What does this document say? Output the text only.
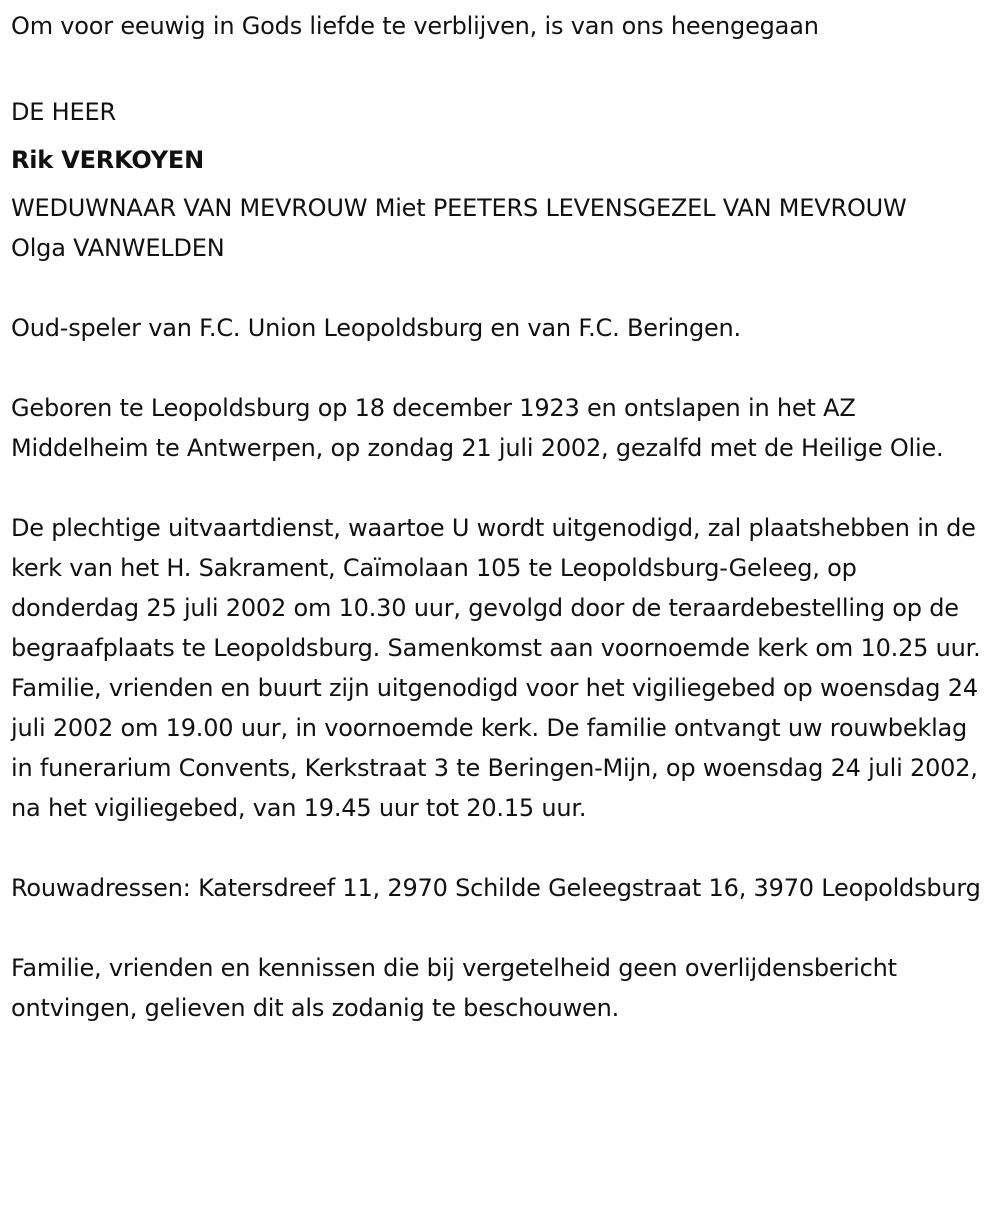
Om voor eeuwig in Gods liefde te verblijven, is van ons heengegaan

DE HEER

Rik VERKOYEN

WEDUWNAAR VAN MEVROUW Miet PEETERS LEVENSGEZEL VAN MEVROUW

Olga VANWELDEN

Oud-speler van F.C. Union Leopoldsburg en van F.C. Beringen.

Geboren te Leopoldsburg op 18 december 1923 en ontslapen in het AZ Middelheim te Antwerpen, op zondag 21 juli 2002, gezalfd met de Heilige Olie.

De plechtige uitvaartdienst, waartoe U wordt uitgenodigd, zal plaatshebben in de kerk van het H. Sakrament, Caïmolaan 105 te Leopoldsburg-Geleeg, op donderdag 25 juli 2002 om 10.30 uur, gevolgd door de teraardebestelling op de begraafplaats te Leopoldsburg. Samenkomst aan voornoemde kerk om 10.25 uur. Familie, vrienden en buurt zijn uitgenodigd voor het vigiliegebed op woensdag 24 juli 2002 om 19.00 uur, in voornoemde kerk. De familie ontvangt uw rouwbeklag in funerarium Convents, Kerkstraat 3 te Beringen-Mijn, op woensdag 24 juli 2002, na het vigiliegebed, van 19.45 uur tot 20.15 uur.

Rouwadressen: Katersdreef 11, 2970 Schilde Geleegstraat 16, 3970 Leopoldsburg

Familie, vrienden en kennissen die bij vergetelheid geen overlijdensbericht ontvingen, gelieven dit als zodanig te beschouwen.
